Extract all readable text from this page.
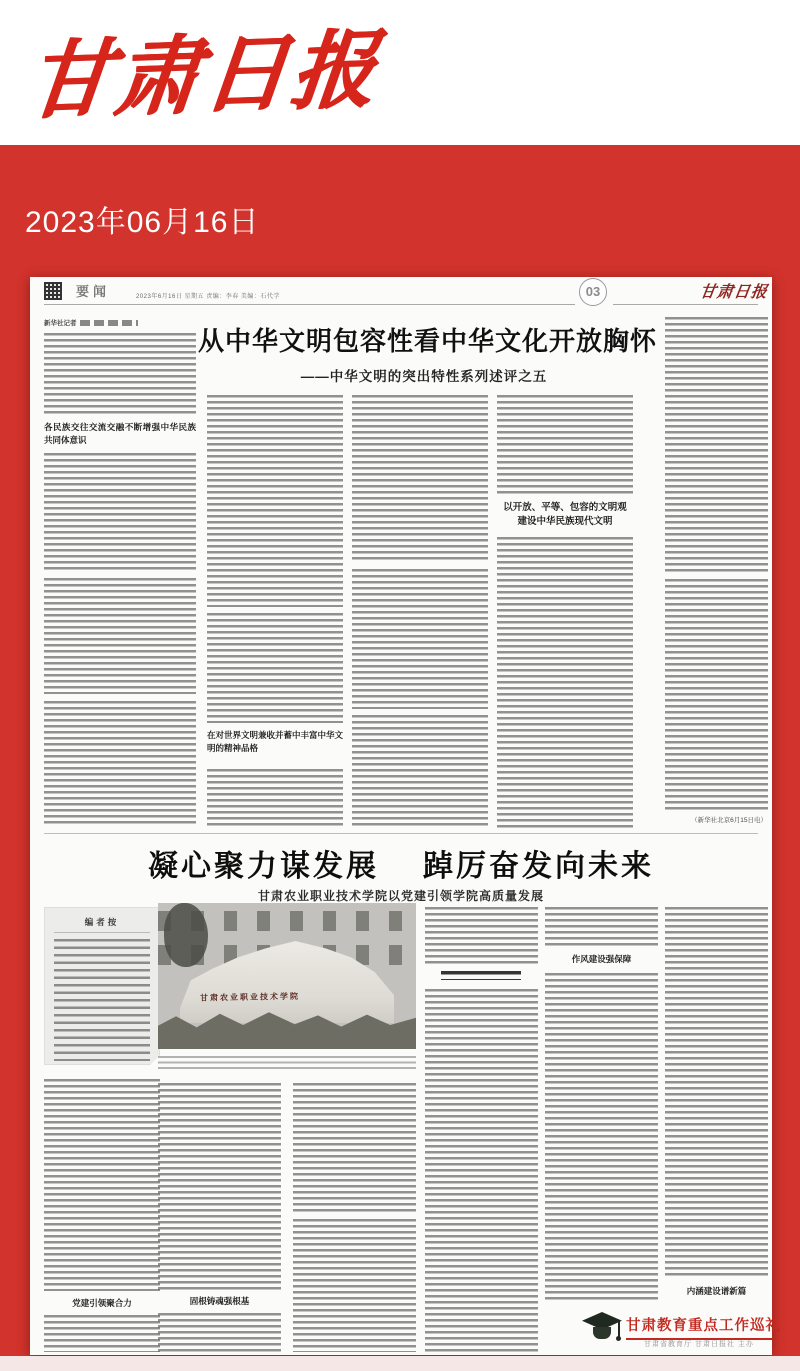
甘肃日报
2023年06月16日
要闻	2023年6月16日 星期五 责编：李春 美编：石代学	03	甘肃日报
从中华文明包容性看中华文化开放胸怀
——中华文明的突出特性系列述评之五
新华社记者
各民族交往交流交融不断增强中华民族共同体意识
在对世界文明兼收并蓄中丰富中华文明的精神品格
以开放、平等、包容的文明观
建设中华民族现代文明
（新华社北京6月15日电）
凝心聚力谋发展 踔厉奋发向未来
甘肃农业职业技术学院以党建引领学院高质量发展
编者按
甘肃农业职业技术学院
党建引领聚合力	固根铸魂强根基
作风建设强保障
内涵建设谱新篇
甘肃教育重点工作巡礼
甘肃省教育厅 甘肃日报社 主办
